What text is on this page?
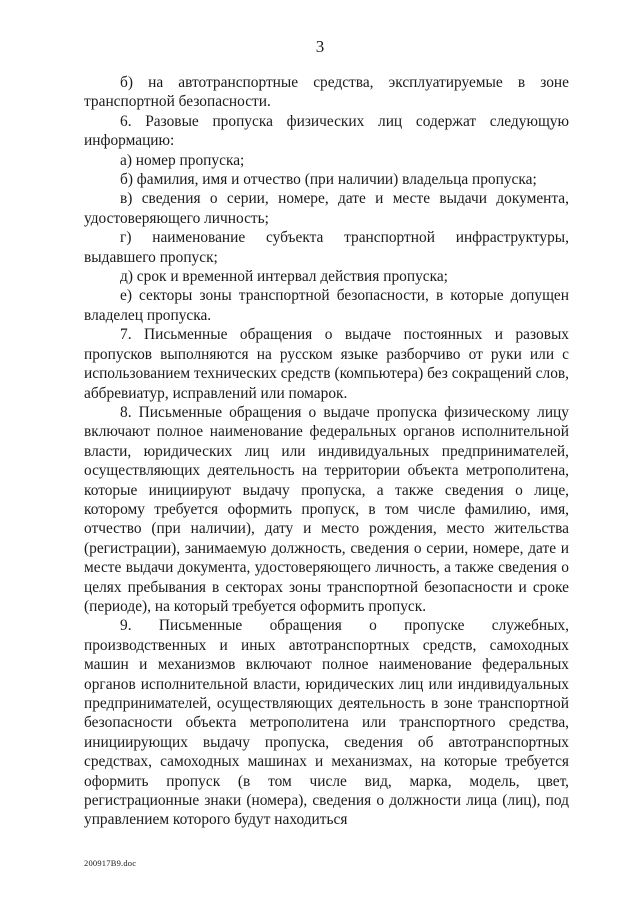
3

б) на автотранспортные средства, эксплуатируемые в зоне транспортной безопасности.

6. Разовые пропуска физических лиц содержат следующую информацию:

а) номер пропуска;

б) фамилия, имя и отчество (при наличии) владельца пропуска;

в) сведения о серии, номере, дате и месте выдачи документа, удостоверяющего личность;

г) наименование субъекта транспортной инфраструктуры, выдавшего пропуск;

д) срок и временной интервал действия пропуска;

е) секторы зоны транспортной безопасности, в которые допущен владелец пропуска.

7. Письменные обращения о выдаче постоянных и разовых пропусков выполняются на русском языке разборчиво от руки или с использованием технических средств (компьютера) без сокращений слов, аббревиатур, исправлений или помарок.

8. Письменные обращения о выдаче пропуска физическому лицу включают полное наименование федеральных органов исполнительной власти, юридических лиц или индивидуальных предпринимателей, осуществляющих деятельность на территории объекта метрополитена, которые инициируют выдачу пропуска, а также сведения о лице, которому требуется оформить пропуск, в том числе фамилию, имя, отчество (при наличии), дату и место рождения, место жительства (регистрации), занимаемую должность, сведения о серии, номере, дате и месте выдачи документа, удостоверяющего личность, а также сведения о целях пребывания в секторах зоны транспортной безопасности и сроке (периоде), на который требуется оформить пропуск.

9. Письменные обращения о пропуске служебных, производственных и иных автотранспортных средств, самоходных машин и механизмов включают полное наименование федеральных органов исполнительной власти, юридических лиц или индивидуальных предпринимателей, осуществляющих деятельность в зоне транспортной безопасности объекта метрополитена или транспортного средства, инициирующих выдачу пропуска, сведения об автотранспортных средствах, самоходных машинах и механизмах, на которые требуется оформить пропуск (в том числе вид, марка, модель, цвет, регистрационные знаки (номера), сведения о должности лица (лиц), под управлением которого будут находиться

200917В9.doc
